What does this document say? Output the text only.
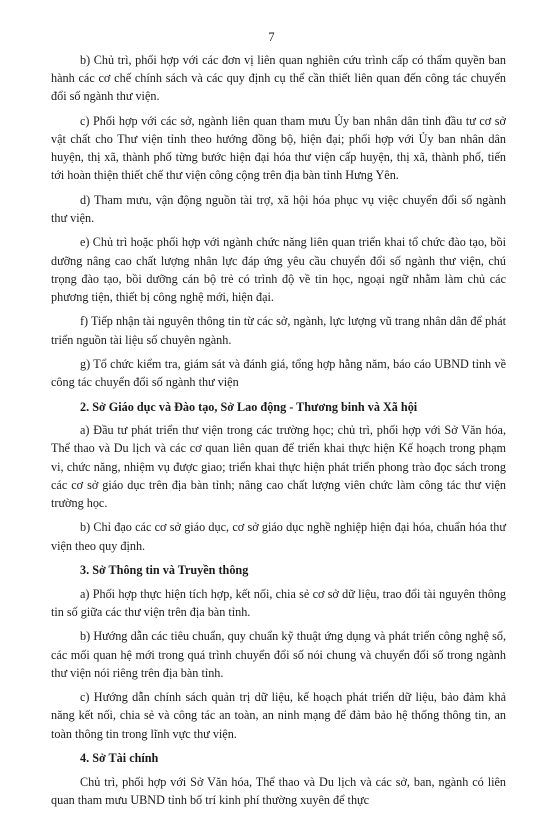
7

b) Chủ trì, phối hợp với các đơn vị liên quan nghiên cứu trình cấp có thẩm quyền ban hành các cơ chế chính sách và các quy định cụ thể cần thiết liên quan đến công tác chuyển đổi số ngành thư viện.

c) Phối hợp với các sở, ngành liên quan tham mưu Ủy ban nhân dân tỉnh đầu tư cơ sở vật chất cho Thư viện tỉnh theo hướng đồng bộ, hiện đại; phối hợp với Ủy ban nhân dân huyện, thị xã, thành phố từng bước hiện đại hóa thư viện cấp huyện, thị xã, thành phố, tiến tới hoàn thiện thiết chế thư viện công cộng trên địa bàn tỉnh Hưng Yên.

d) Tham mưu, vận động nguồn tài trợ, xã hội hóa phục vụ việc chuyển đổi số ngành thư viện.

e) Chủ trì hoặc phối hợp với ngành chức năng liên quan triển khai tổ chức đào tạo, bồi dưỡng nâng cao chất lượng nhân lực đáp ứng yêu cầu chuyển đổi số ngành thư viện, chú trọng đào tạo, bồi dưỡng cán bộ trẻ có trình độ về tin học, ngoại ngữ nhằm làm chủ các phương tiện, thiết bị công nghệ mới, hiện đại.

f) Tiếp nhận tài nguyên thông tin từ các sở, ngành, lực lượng vũ trang nhân dân để phát triển nguồn tài liệu số chuyên ngành.

g) Tổ chức kiểm tra, giám sát và đánh giá, tổng hợp hằng năm, báo cáo UBND tỉnh về công tác chuyển đổi số ngành thư viện

2. Sở Giáo dục và Đào tạo, Sở Lao động - Thương binh và Xã hội

a) Đầu tư phát triển thư viện trong các trường học; chủ trì, phối hợp với Sở Văn hóa, Thể thao và Du lịch và các cơ quan liên quan để triển khai thực hiện Kế hoạch trong phạm vi, chức năng, nhiệm vụ được giao; triển khai thực hiện phát triển phong trào đọc sách trong các cơ sở giáo dục trên địa bàn tỉnh; nâng cao chất lượng viên chức làm công tác thư viện trường học.

b) Chỉ đạo các cơ sở giáo dục, cơ sở giáo dục nghề nghiệp hiện đại hóa, chuẩn hóa thư viện theo quy định.

3. Sở Thông tin và Truyền thông

a) Phối hợp thực hiện tích hợp, kết nối, chia sẻ cơ sở dữ liệu, trao đổi tài nguyên thông tin số giữa các thư viện trên địa bàn tỉnh.

b) Hướng dẫn các tiêu chuẩn, quy chuẩn kỹ thuật ứng dụng và phát triển công nghệ số, các mối quan hệ mới trong quá trình chuyển đổi số nói chung và chuyển đổi số trong ngành thư viện nói riêng trên địa bàn tỉnh.

c) Hướng dẫn chính sách quản trị dữ liệu, kế hoạch phát triển dữ liệu, bảo đảm khả năng kết nối, chia sẻ và công tác an toàn, an ninh mạng để đảm bảo hệ thống thông tin, an toàn thông tin trong lĩnh vực thư viện.

4. Sở Tài chính

Chủ trì, phối hợp với Sở Văn hóa, Thể thao và Du lịch và các sở, ban, ngành có liên quan tham mưu UBND tỉnh bố trí kinh phí thường xuyên để thực
